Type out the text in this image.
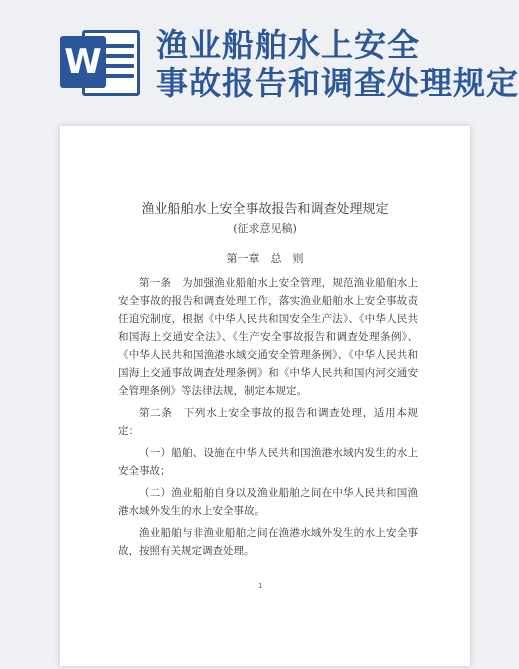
W 渔业船舶水上安全
事故报告和调查处理规定
渔业船舶水上安全事故报告和调查处理规定
(征求意见稿)
第一章　总　则

第一条　为加强渔业船舶水上安全管理，规范渔业船舶水上安全事故的报告和调查处理工作，落实渔业船舶水上安全事故责任追究制度，根据《中华人民共和国安全生产法》、《中华人民共和国海上交通安全法》、《生产安全事故报告和调查处理条例》、《中华人民共和国渔港水域交通安全管理条例》、《中华人民共和国海上交通事故调查处理条例》和《中华人民共和国内河交通安全管理条例》等法律法规，制定本规定。

第二条　下列水上安全事故的报告和调查处理，适用本规定：

（一）船舶、设施在中华人民共和国渔港水域内发生的水上安全事故；

（二）渔业船舶自身以及渔业船舶之间在中华人民共和国渔港水域外发生的水上安全事故。

渔业船舶与非渔业船舶之间在渔港水域外发生的水上安全事故，按照有关规定调查处理。

1
